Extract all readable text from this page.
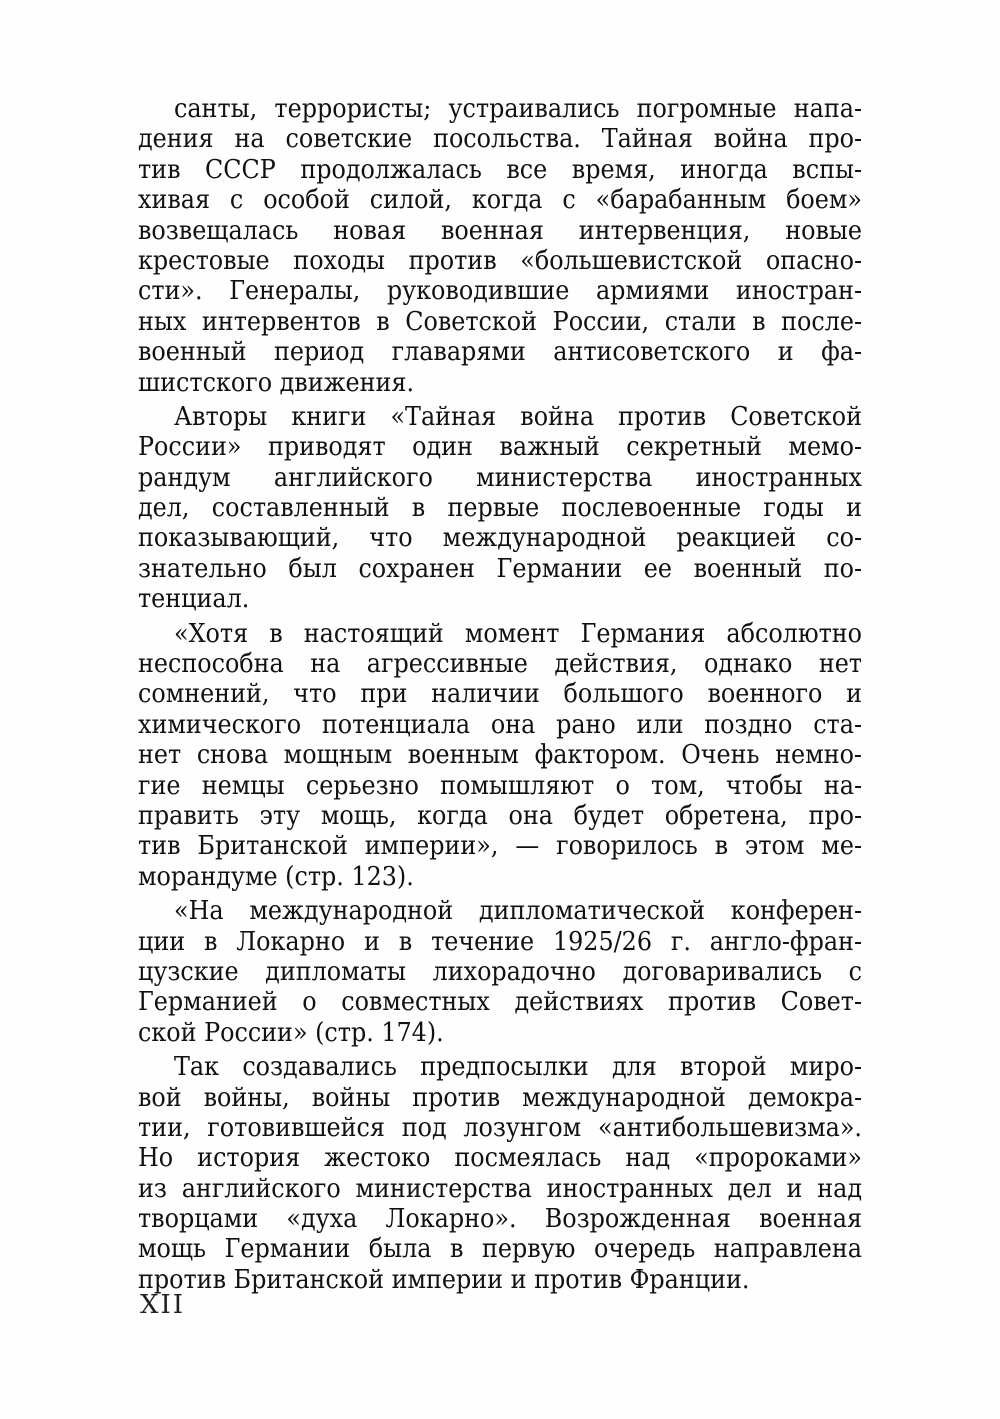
санты, террористы; устраивались погромные напа-
дения на советские посольства. Тайная война про-
тив СССР продолжалась все время, иногда вспы-
хивая с особой силой, когда с «барабанным боем»
возвещалась новая военная интервенция, новые
крестовые походы против «большевистской опасно-
сти». Генералы, руководившие армиями иностран-
ных интервентов в Советской России, стали в после-
военный период главарями антисоветского и фа-
шистского движения.
Авторы книги «Тайная война против Советской
России» приводят один важный секретный мемо-
рандум английского министерства иностранных
дел, составленный в первые послевоенные годы и
показывающий, что международной реакцией со-
знательно был сохранен Германии ее военный по-
тенциал.
«Хотя в настоящий момент Германия абсолютно
неспособна на агрессивные действия, однако нет
сомнений, что при наличии большого военного и
химического потенциала она рано или поздно ста-
нет снова мощным военным фактором. Очень немно-
гие немцы серьезно помышляют о том, чтобы на-
править эту мощь, когда она будет обретена, про-
тив Британской империи», — говорилось в этом ме-
морандуме (стр. 123).
«На международной дипломатической конферен-
ции в Локарно и в течение 1925/26 г. англо-фран-
цузские дипломаты лихорадочно договаривались с
Германией о совместных действиях против Совет-
ской России» (стр. 174).
Так создавались предпосылки для второй миро-
вой войны, войны против международной демокра-
тии, готовившейся под лозунгом «антибольшевизма».
Но история жестоко посмеялась над «пророками»
из английского министерства иностранных дел и над
творцами «духа Локарно». Возрожденная военная
мощь Германии была в первую очередь направлена
против Британской империи и против Франции.
XII
